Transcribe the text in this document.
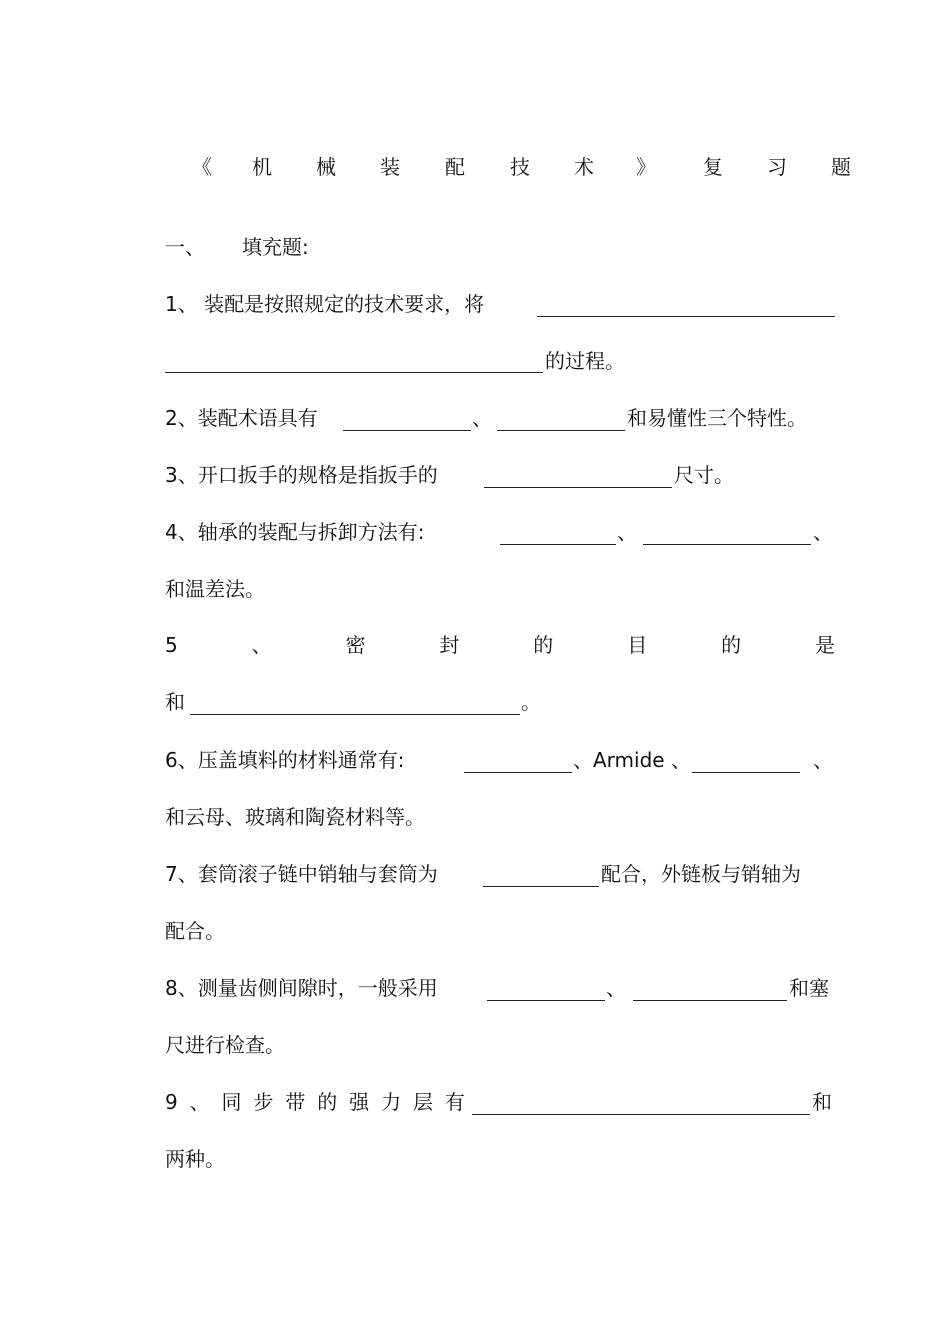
《 机 械 装 配 技 术 》 复 习 题
一、 填充题:
1、 装配是按照规定的技术要求，将
的过程。
2、装配术语具有	、	和易懂性三个特性。
3、开口扳手的规格是指扳手的	尺寸。
4、轴承的装配与拆卸方法有:	、	、
和温差法。
5	、	密	封	的	目	的	是
和	。
6、压盖填料的材料通常有:	、Armide 、	、
和云母、玻璃和陶瓷材料等。
7、套筒滚子链中销轴与套筒为	配合，外链板与销轴为
配合。
8、测量齿侧间隙时，一般采用	、	和塞
尺进行检查。
9 、 同 步 带 的 强 力 层 有	和
两种。
